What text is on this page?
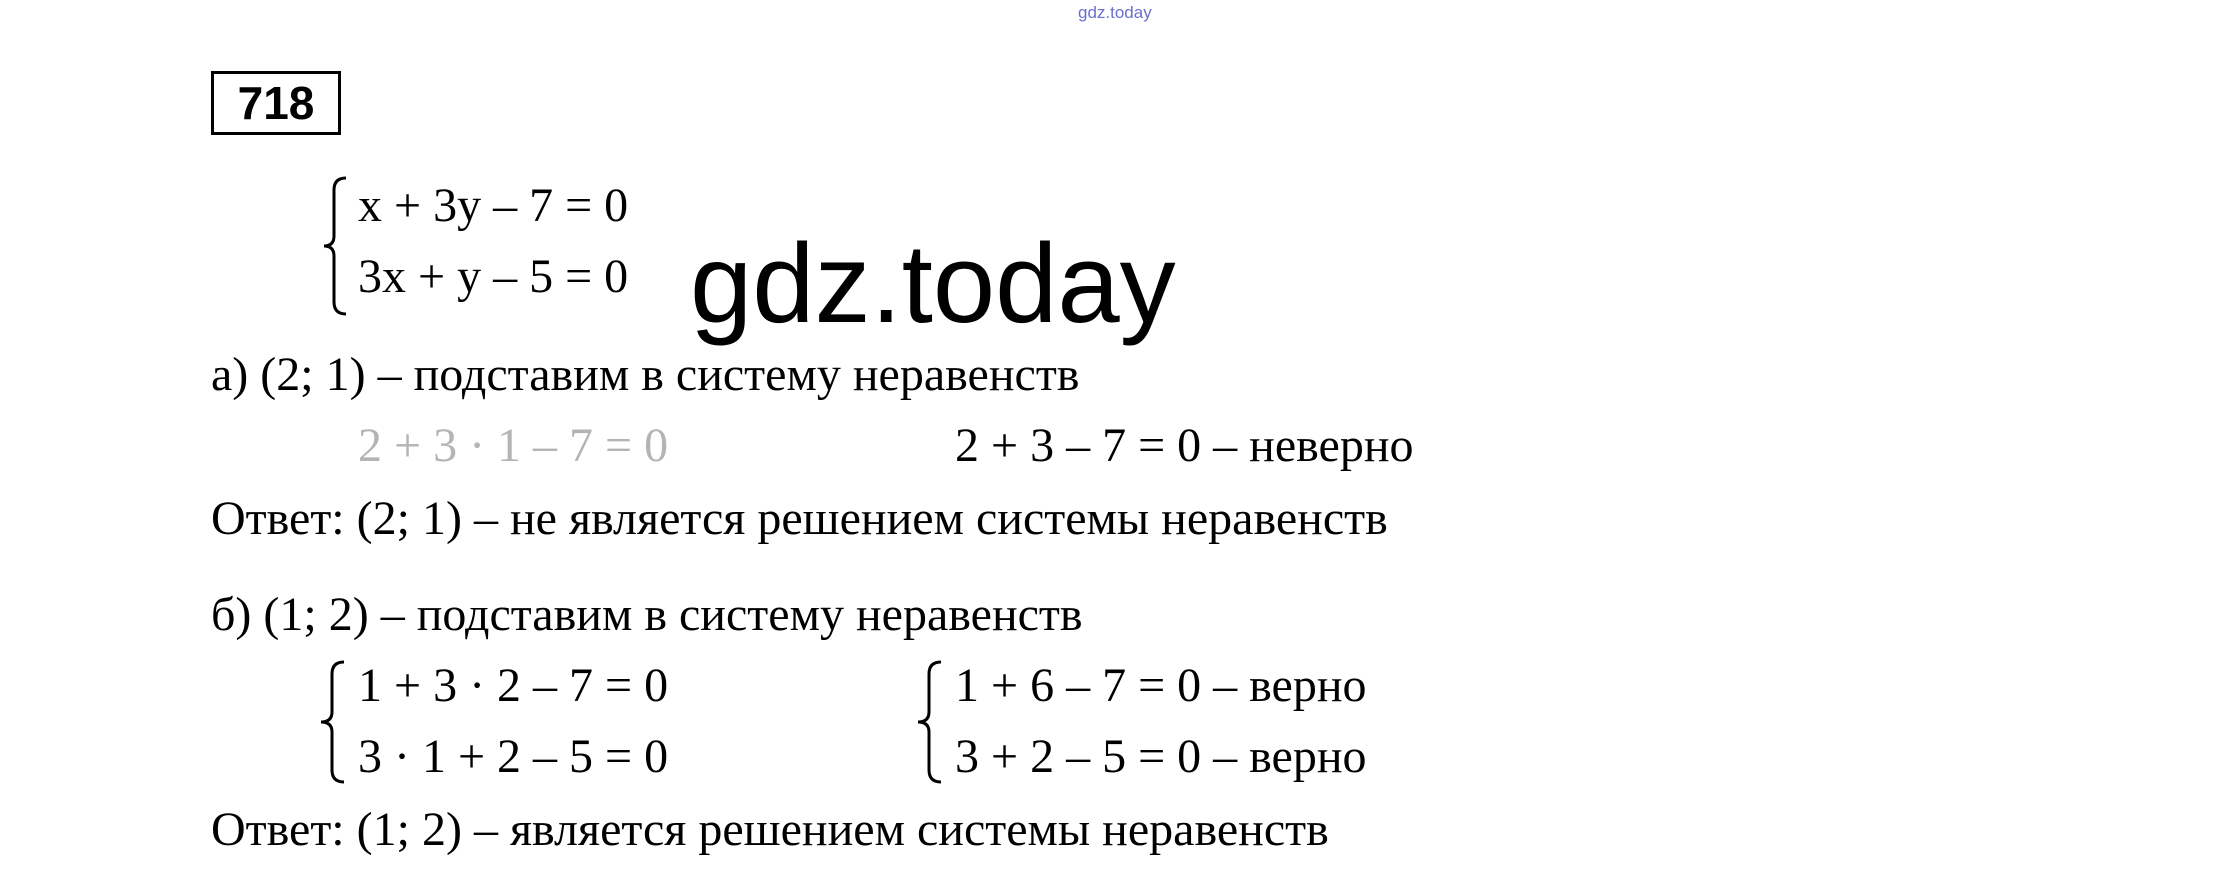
gdz.today
718
x + 3y – 7 = 0
3x + y – 5 = 0 gdz.today
а) (2; 1) – подставим в систему неравенств
2 + 3 · 1 – 7 = 0	2 + 3 – 7 = 0 – неверно
Ответ: (2; 1) – не является решением системы неравенств
б) (1; 2) – подставим в систему неравенств
1 + 3 · 2 – 7 = 0
3 · 1 + 2 – 5 = 0
1 + 6 – 7 = 0 – верно
3 + 2 – 5 = 0 – верно
Ответ: (1; 2) – является решением системы неравенств
